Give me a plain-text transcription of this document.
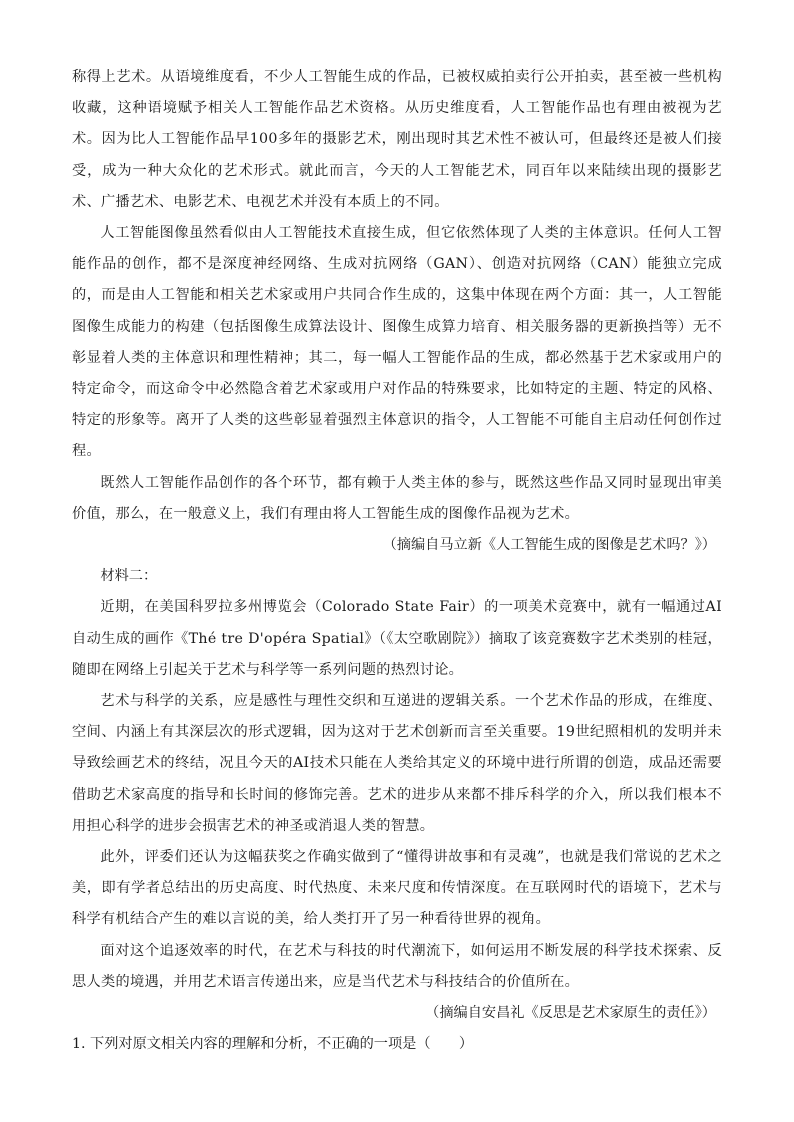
称得上艺术。从语境维度看，不少人工智能生成的作品，已被权威拍卖行公开拍卖，甚至被一些机构收藏，这种语境赋予相关人工智能作品艺术资格。从历史维度看，人工智能作品也有理由被视为艺术。因为比人工智能作品早100多年的摄影艺术，刚出现时其艺术性不被认可，但最终还是被人们接受，成为一种大众化的艺术形式。就此而言，今天的人工智能艺术，同百年以来陆续出现的摄影艺术、广播艺术、电影艺术、电视艺术并没有本质上的不同。

人工智能图像虽然看似由人工智能技术直接生成，但它依然体现了人类的主体意识。任何人工智能作品的创作，都不是深度神经网络、生成对抗网络（GAN）、创造对抗网络（CAN）能独立完成的，而是由人工智能和相关艺术家或用户共同合作生成的，这集中体现在两个方面：其一，人工智能图像生成能力的构建（包括图像生成算法设计、图像生成算力培育、相关服务器的更新换挡等）无不彰显着人类的主体意识和理性精神；其二，每一幅人工智能作品的生成，都必然基于艺术家或用户的特定命令，而这命令中必然隐含着艺术家或用户对作品的特殊要求，比如特定的主题、特定的风格、特定的形象等。离开了人类的这些彰显着强烈主体意识的指令，人工智能不可能自主启动任何创作过程。

既然人工智能作品创作的各个环节，都有赖于人类主体的参与，既然这些作品又同时显现出审美价值，那么，在一般意义上，我们有理由将人工智能生成的图像作品视为艺术。

（摘编自马立新《人工智能生成的图像是艺术吗？》）

材料二：

近期，在美国科罗拉多州博览会（Colorado State Fair）的一项美术竞赛中，就有一幅通过AI自动生成的画作《Thé tre D'opéra Spatial》（《太空歌剧院》）摘取了该竞赛数字艺术类别的桂冠，随即在网络上引起关于艺术与科学等一系列问题的热烈讨论。

艺术与科学的关系，应是感性与理性交织和互递进的逻辑关系。一个艺术作品的形成，在维度、空间、内涵上有其深层次的形式逻辑，因为这对于艺术创新而言至关重要。19世纪照相机的发明并未导致绘画艺术的终结，况且今天的AI技术只能在人类给其定义的环境中进行所谓的创造，成品还需要借助艺术家高度的指导和长时间的修饰完善。艺术的进步从来都不排斥科学的介入，所以我们根本不用担心科学的进步会损害艺术的神圣或消退人类的智慧。

此外，评委们还认为这幅获奖之作确实做到了“懂得讲故事和有灵魂”，也就是我们常说的艺术之美，即有学者总结出的历史高度、时代热度、未来尺度和传情深度。在互联网时代的语境下，艺术与科学有机结合产生的难以言说的美，给人类打开了另一种看待世界的视角。

面对这个追逐效率的时代，在艺术与科技的时代潮流下，如何运用不断发展的科学技术探索、反思人类的境遇，并用艺术语言传递出来，应是当代艺术与科技结合的价值所在。

（摘编自安昌礼《反思是艺术家原生的责任》）

1. 下列对原文相关内容的理解和分析，不正确的一项是（　　）
